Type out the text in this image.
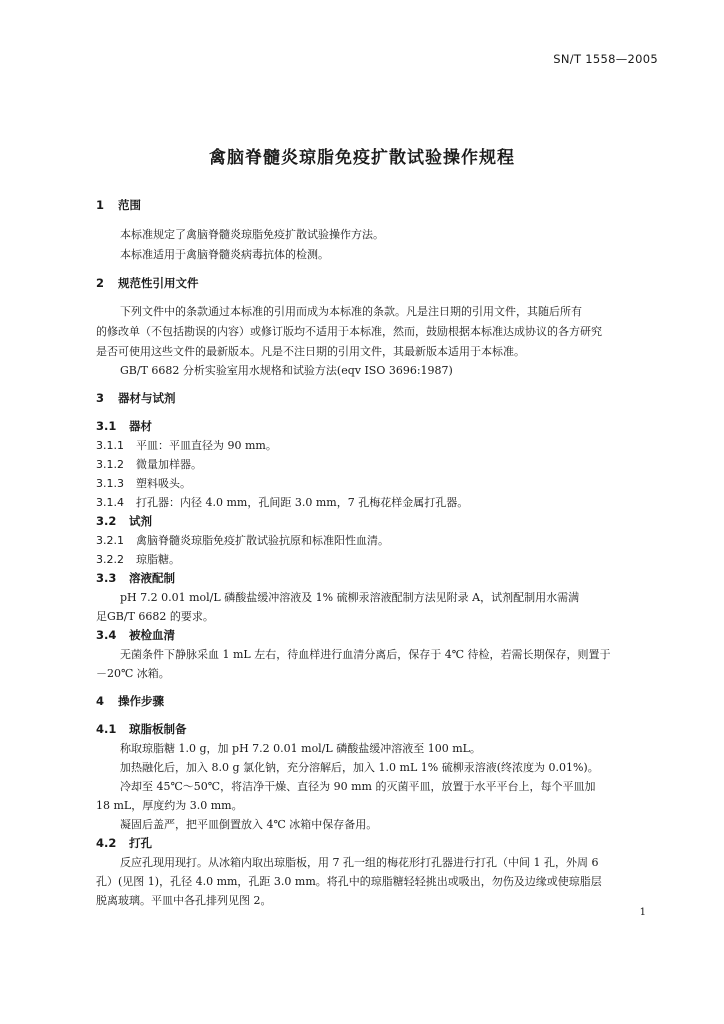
SN/T 1558—2005
禽脑脊髓炎琼脂免疫扩散试验操作规程
1 范围
本标准规定了禽脑脊髓炎琼脂免疫扩散试验操作方法。
本标准适用于禽脑脊髓炎病毒抗体的检测。
2 规范性引用文件
下列文件中的条款通过本标准的引用而成为本标准的条款。凡是注日期的引用文件，其随后所有
的修改单（不包括勘误的内容）或修订版均不适用于本标准，然而，鼓励根据本标准达成协议的各方研究
是否可使用这些文件的最新版本。凡是不注日期的引用文件，其最新版本适用于本标准。
GB/T 6682 分析实验室用水规格和试验方法(eqv ISO 3696:1987)
3 器材与试剂
3.1 器材
3.1.1 平皿：平皿直径为 90 mm。
3.1.2 微量加样器。
3.1.3 塑料吸头。
3.1.4 打孔器：内径 4.0 mm，孔间距 3.0 mm，7 孔梅花样金属打孔器。
3.2 试剂
3.2.1 禽脑脊髓炎琼脂免疫扩散试验抗原和标准阳性血清。
3.2.2 琼脂糖。
3.3 溶液配制
pH 7.2 0.01 mol/L 磷酸盐缓冲溶液及 1% 硫柳汞溶液配制方法见附录 A，试剂配制用水需满
足GB/T 6682 的要求。
3.4 被检血清
无菌条件下静脉采血 1 mL 左右，待血样进行血清分离后，保存于 4℃ 待检，若需长期保存，则置于
－20℃ 冰箱。
4 操作步骤
4.1 琼脂板制备
称取琼脂糖 1.0 g，加 pH 7.2 0.01 mol/L 磷酸盐缓冲溶液至 100 mL。
加热融化后，加入 8.0 g 氯化钠，充分溶解后，加入 1.0 mL 1% 硫柳汞溶液(终浓度为 0.01%)。
冷却至 45℃～50℃，将洁净干燥、直径为 90 mm 的灭菌平皿，放置于水平平台上，每个平皿加
18 mL，厚度约为 3.0 mm。
凝固后盖严，把平皿倒置放入 4℃ 冰箱中保存备用。
4.2 打孔
反应孔现用现打。从冰箱内取出琼脂板，用 7 孔一组的梅花形打孔器进行打孔（中间 1 孔，外周 6
孔）(见图 1)，孔径 4.0 mm，孔距 3.0 mm。将孔中的琼脂糖轻轻挑出或吸出，勿伤及边缘或使琼脂层
脱离玻璃。平皿中各孔排列见图 2。
1
